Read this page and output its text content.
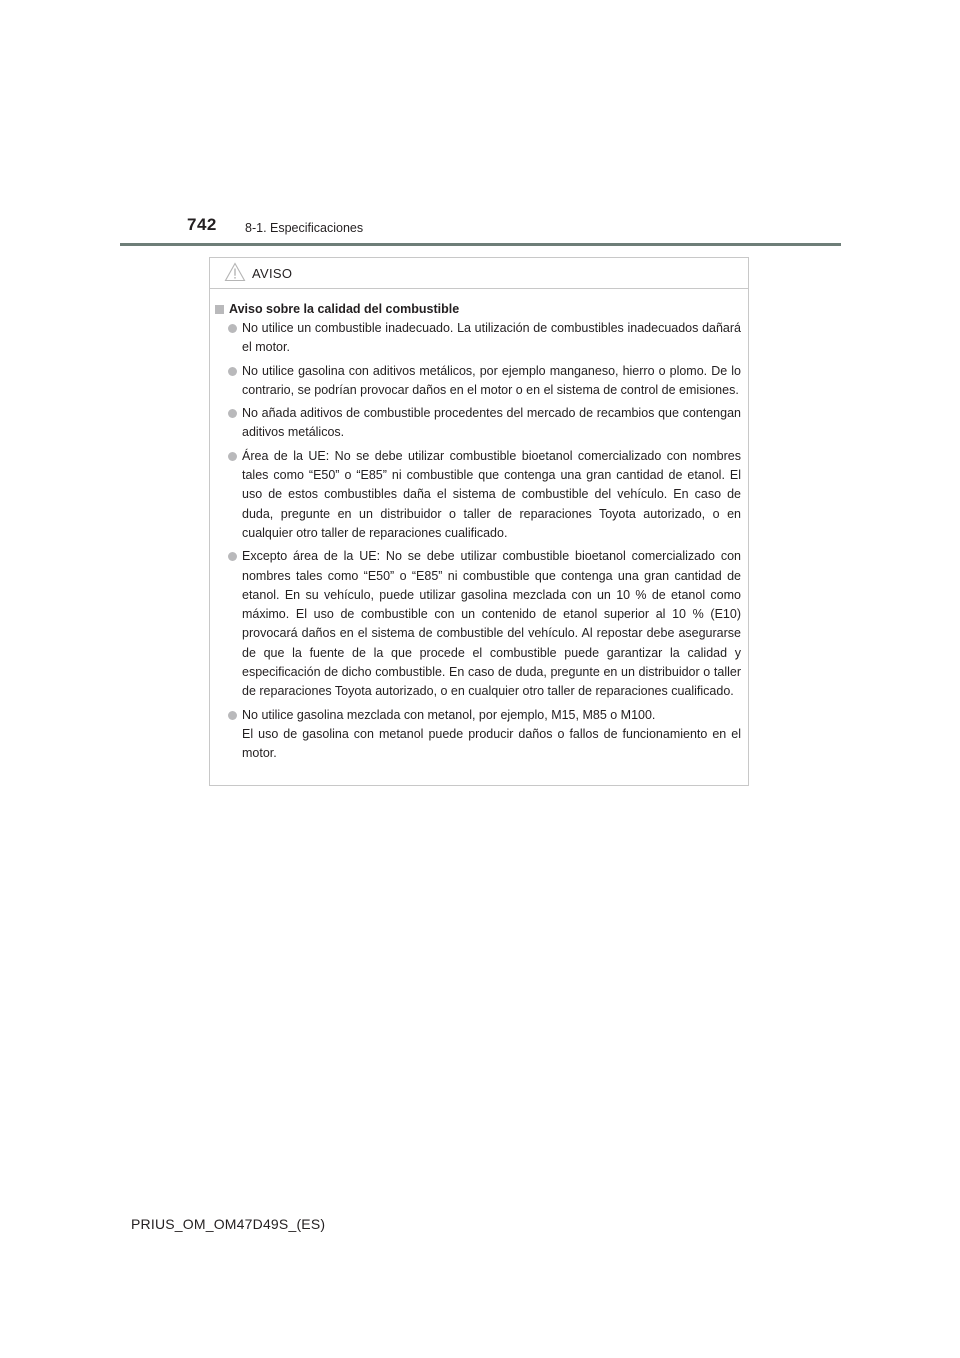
742 8-1. Especificaciones
AVISO
Aviso sobre la calidad del combustible

No utilice un combustible inadecuado. La utilización de combustibles inadecuados dañará el motor.

No utilice gasolina con aditivos metálicos, por ejemplo manganeso, hierro o plomo. De lo contrario, se podrían provocar daños en el motor o en el sistema de control de emisiones.

No añada aditivos de combustible procedentes del mercado de recambios que contengan aditivos metálicos.

Área de la UE: No se debe utilizar combustible bioetanol comercializado con nombres tales como “E50” o “E85” ni combustible que contenga una gran cantidad de etanol. El uso de estos combustibles daña el sistema de combustible del vehículo. En caso de duda, pregunte en un distribuidor o taller de reparaciones Toyota autorizado, o en cualquier otro taller de reparaciones cualificado.

Excepto área de la UE: No se debe utilizar combustible bioetanol comercializado con nombres tales como “E50” o “E85” ni combustible que contenga una gran cantidad de etanol. En su vehículo, puede utilizar gasolina mezclada con un 10 % de etanol como máximo. El uso de combustible con un contenido de etanol superior al 10 % (E10) provocará daños en el sistema de combustible del vehículo. Al repostar debe asegurarse de que la fuente de la que procede el combustible puede garantizar la calidad y especificación de dicho combustible. En caso de duda, pregunte en un distribuidor o taller de reparaciones Toyota autorizado, o en cualquier otro taller de reparaciones cualificado.

No utilice gasolina mezclada con metanol, por ejemplo, M15, M85 o M100.

El uso de gasolina con metanol puede producir daños o fallos de funcionamiento en el motor.

PRIUS_OM_OM47D49S_(ES)
